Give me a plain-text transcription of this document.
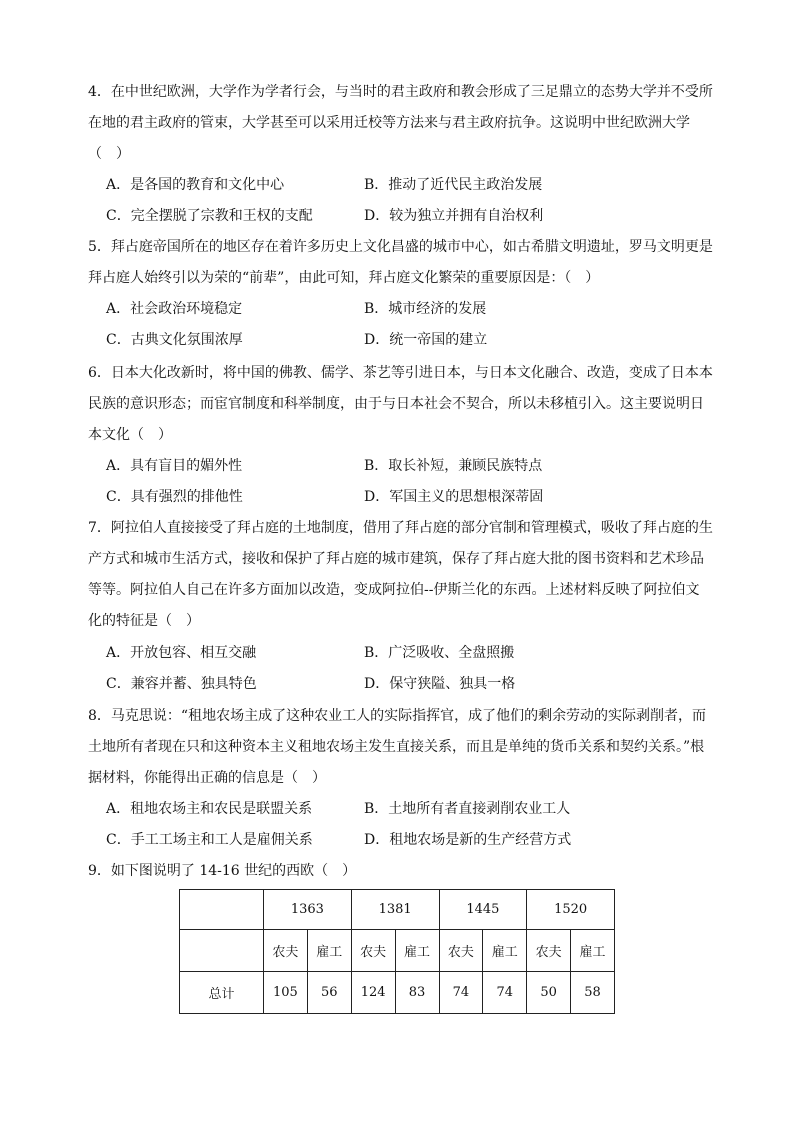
4．在中世纪欧洲，大学作为学者行会，与当时的君主政府和教会形成了三足鼎立的态势大学并不受所
在地的君主政府的管束，大学甚至可以采用迁校等方法来与君主政府抗争。这说明中世纪欧洲大学
（　）
A．是各国的教育和文化中心	B．推动了近代民主政治发展
C．完全摆脱了宗教和王权的支配	D．较为独立并拥有自治权利
5．拜占庭帝国所在的地区存在着许多历史上文化昌盛的城市中心，如古希腊文明遗址，罗马文明更是
拜占庭人始终引以为荣的“前辈”，由此可知，拜占庭文化繁荣的重要原因是：（　）
A．社会政治环境稳定	B．城市经济的发展
C．古典文化氛围浓厚	D．统一帝国的建立
6．日本大化改新时，将中国的佛教、儒学、茶艺等引进日本，与日本文化融合、改造，变成了日本本
民族的意识形态；而宦官制度和科举制度，由于与日本社会不契合，所以未移植引入。这主要说明日
本文化（　）
A．具有盲目的媚外性	B．取长补短，兼顾民族特点
C．具有强烈的排他性	D．军国主义的思想根深蒂固
7．阿拉伯人直接接受了拜占庭的土地制度，借用了拜占庭的部分官制和管理模式，吸收了拜占庭的生
产方式和城市生活方式，接收和保护了拜占庭的城市建筑，保存了拜占庭大批的图书资料和艺术珍品
等等。阿拉伯人自己在许多方面加以改造，变成阿拉伯--伊斯兰化的东西。上述材料反映了阿拉伯文
化的特征是（　）
A．开放包容、相互交融	B．广泛吸收、全盘照搬
C．兼容并蓄、独具特色	D．保守狭隘、独具一格
8．马克思说：“租地农场主成了这种农业工人的实际指挥官，成了他们的剩余劳动的实际剥削者，而
土地所有者现在只和这种资本主义租地农场主发生直接关系，而且是单纯的货币关系和契约关系。”根
据材料，你能得出正确的信息是（　）
A．租地农场主和农民是联盟关系	B．土地所有者直接剥削农业工人
C．手工工场主和工人是雇佣关系	D．租地农场是新的生产经营方式
9．如下图说明了 14-16 世纪的西欧（　）
	1363		1381		1445		1520	
	农夫	雇工	农夫	雇工	农夫	雇工	农夫	雇工
总计	105	56	124	83	74	74	50	58
